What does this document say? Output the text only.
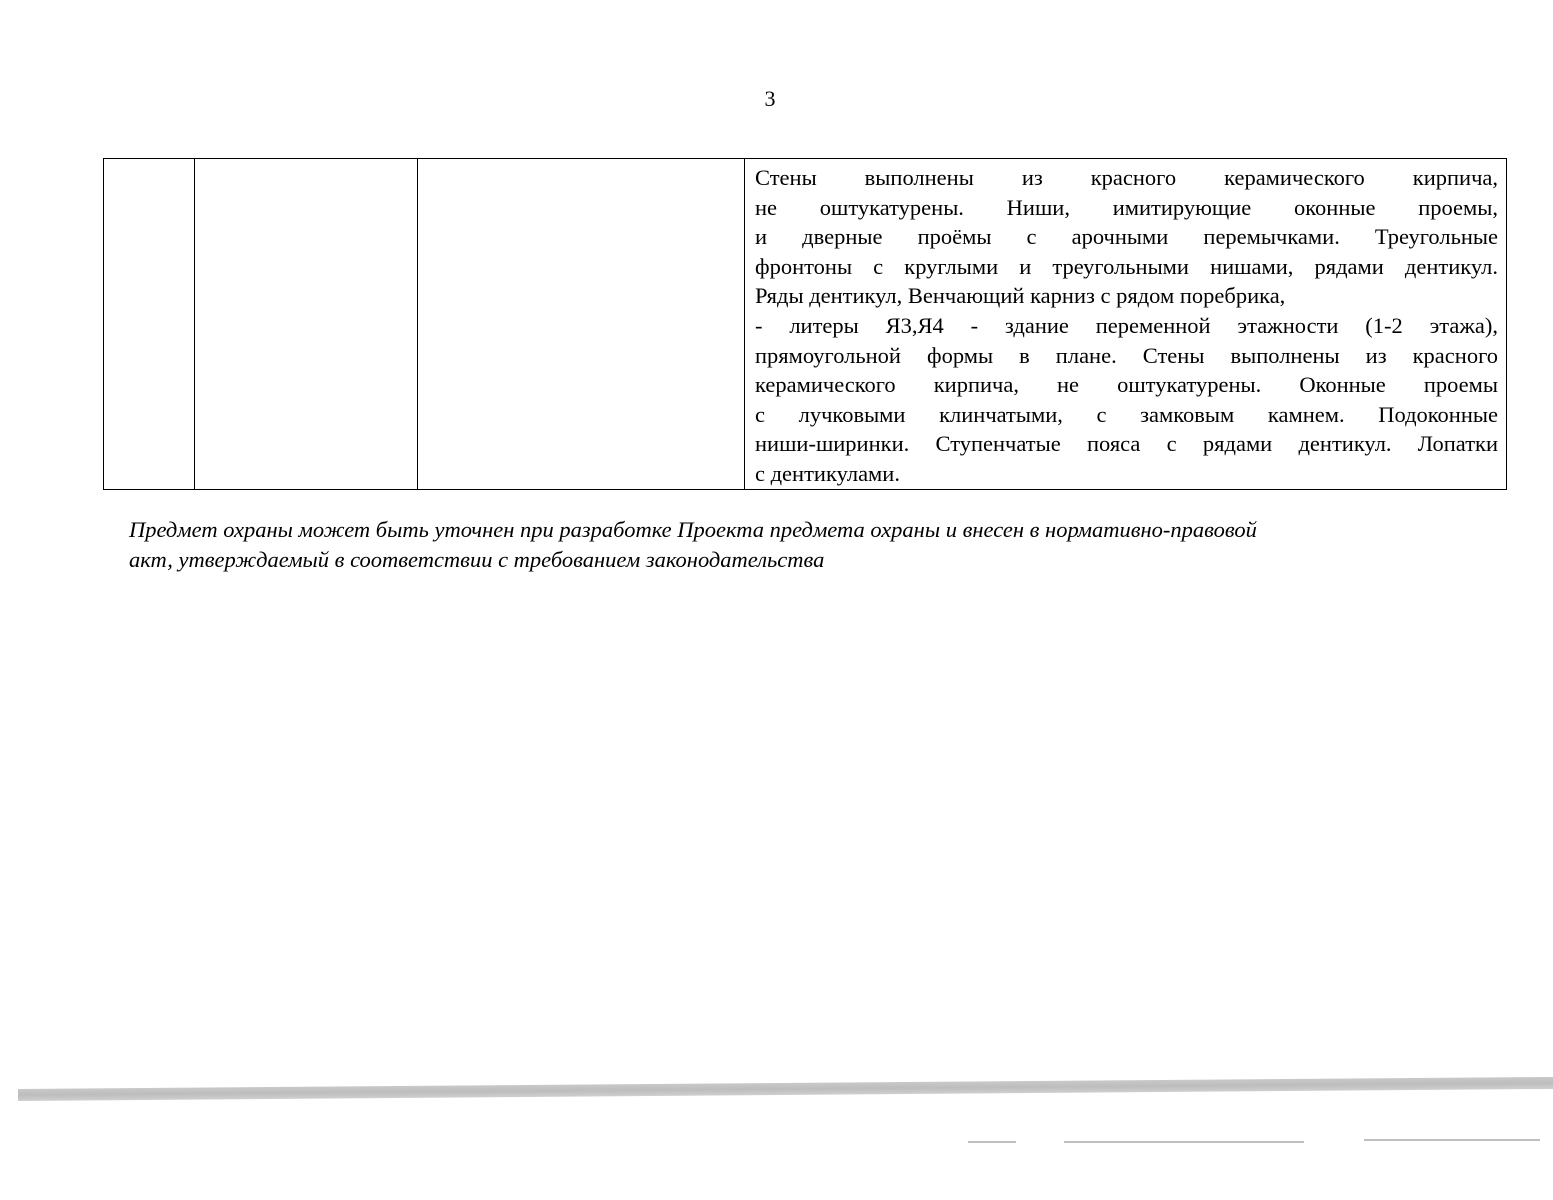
3

Стены выполнены из красного керамического кирпича,
не оштукатурены. Ниши, имитирующие оконные проемы,
и дверные проёмы с арочными перемычками. Треугольные
фронтоны с круглыми и треугольными нишами, рядами дентикул.
Ряды дентикул, Венчающий карниз с рядом поребрика,
- литеры Я3,Я4 - здание переменной этажности (1-2 этажа),
прямоугольной формы в плане. Стены выполнены из красного
керамического кирпича, не оштукатурены. Оконные проемы
с лучковыми клинчатыми, с замковым камнем. Подоконные
ниши-ширинки. Ступенчатые пояса с рядами дентикул. Лопатки
с дентикулами.
Предмет охраны может быть уточнен при разработке Проекта предмета охраны и внесен в нормативно-правовой
акт, утверждаемый в соответствии с требованием законодательства
